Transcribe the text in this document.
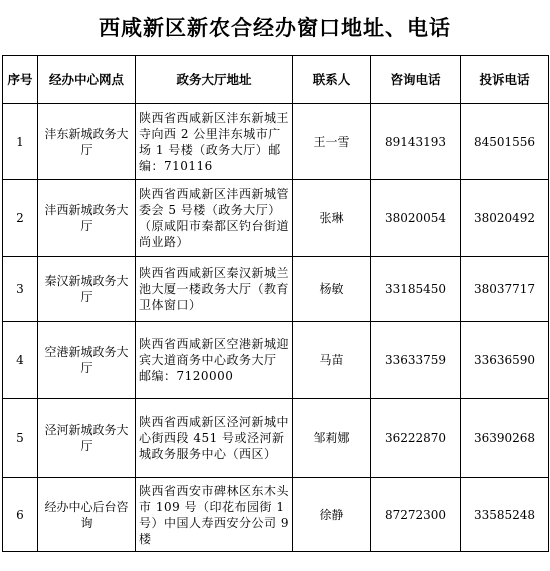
西咸新区新农合经办窗口地址、电话
序号	经办中心网点	政务大厅地址	联系人	咨询电话	投诉电话
1	沣东新城政务大厅	陕西省西咸新区沣东新城王寺向西 2 公里沣东城市广场 1 号楼（政务大厅）邮编：710116	王一雪	89143193	84501556
2	沣西新城政务大厅	陕西省西咸新区沣西新城管委会 5 号楼（政务大厅）（原咸阳市秦都区钓台街道尚业路）	张琳	38020054	38020492
3	秦汉新城政务大厅	陕西省西咸新区秦汉新城兰池大厦一楼政务大厅（教育卫体窗口）	杨敏	33185450	38037717
4	空港新城政务大厅	陕西省西咸新区空港新城迎宾大道商务中心政务大厅 邮编：7120000	马苗	33633759	33636590
5	泾河新城政务大厅	陕西省西咸新区泾河新城中心街西段 451 号或泾河新城政务服务中心（西区）	邹莉娜	36222870	36390268
6	经办中心后台咨询	陕西省西安市碑林区东木头市 109 号（印花布园街 1 号）中国人寿西安分公司 9 楼	徐静	87272300	33585248
